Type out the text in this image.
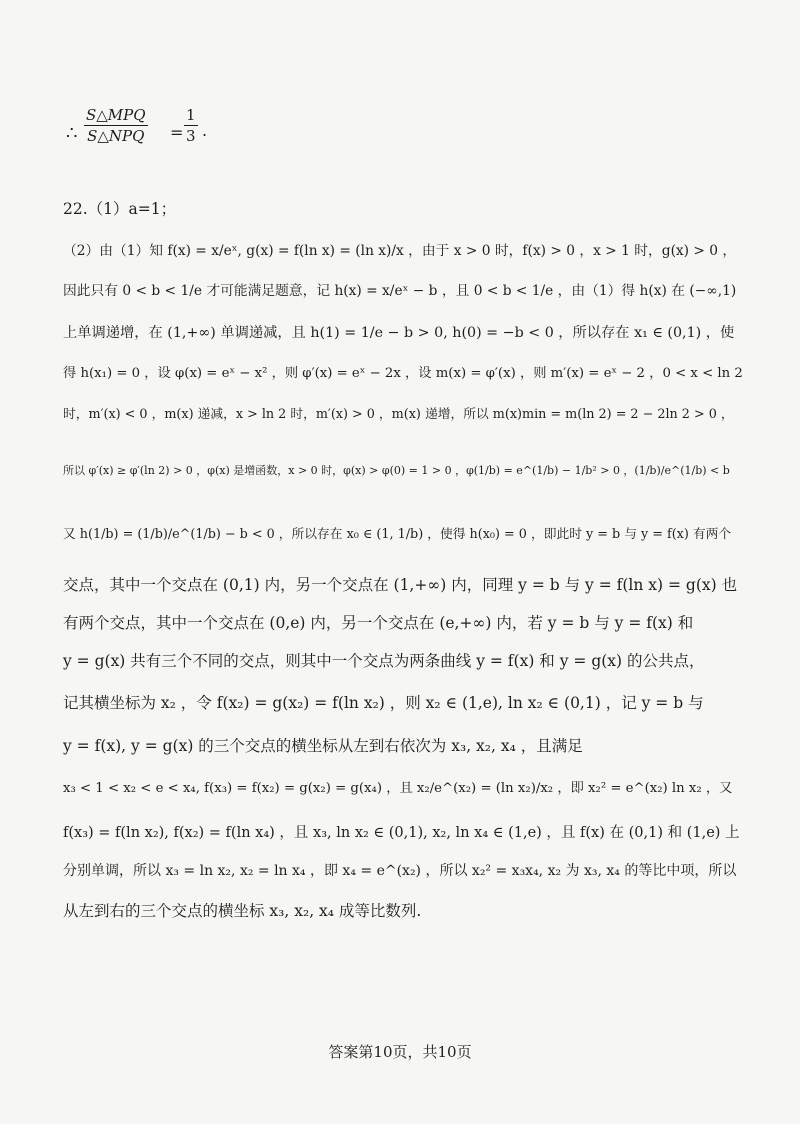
∴
S△MPQ
S△NPQ = $\frac{1}{3}$ .
22.（1）a=1；
（2）由（1）知 f(x) = x/eˣ, g(x) = f(ln x) = (ln x)/x ，由于 x > 0 时，f(x) > 0 ，x > 1 时，g(x) > 0 ，
因此只有 0 < b < 1/e 才可能满足题意，记 h(x) = x/eˣ − b ，且 0 < b < 1/e ，由（1）得 h(x) 在 (−∞,1)
上单调递增，在 (1,+∞) 单调递减，且 h(1) = 1/e − b > 0, h(0) = −b < 0 ，所以存在 x₁ ∈ (0,1) ，使
得 h(x₁) = 0 ，设 φ(x) = eˣ − x² ，则 φ′(x) = eˣ − 2x ，设 m(x) = φ′(x) ，则 m′(x) = eˣ − 2 ，0 < x < ln 2
时，m′(x) < 0 ，m(x) 递减，x > ln 2 时，m′(x) > 0 ，m(x) 递增，所以 m(x)min = m(ln 2) = 2 − 2ln 2 > 0 ，
所以 φ′(x) ≥ φ′(ln 2) > 0 ，φ(x) 是增函数，x > 0 时，φ(x) > φ(0) = 1 > 0 ，φ(1/b) = e^(1/b) − 1/b² > 0 ，(1/b)/e^(1/b) < b
又 h(1/b) = (1/b)/e^(1/b) − b < 0 ，所以存在 x₀ ∈ (1, 1/b) ，使得 h(x₀) = 0 ，即此时 y = b 与 y = f(x) 有两个
交点，其中一个交点在 (0,1) 内，另一个交点在 (1,+∞) 内，同理 y = b 与 y = f(ln x) = g(x) 也
有两个交点，其中一个交点在 (0,e) 内，另一个交点在 (e,+∞) 内，若 y = b 与 y = f(x) 和
y = g(x) 共有三个不同的交点，则其中一个交点为两条曲线 y = f(x) 和 y = g(x) 的公共点，
记其横坐标为 x₂ ，令 f(x₂) = g(x₂) = f(ln x₂) ，则 x₂ ∈ (1,e), ln x₂ ∈ (0,1) ，记 y = b 与
y = f(x), y = g(x) 的三个交点的横坐标从左到右依次为 x₃, x₂, x₄ ，且满足
x₃ < 1 < x₂ < e < x₄, f(x₃) = f(x₂) = g(x₂) = g(x₄) ，且 x₂/e^(x₂) = (ln x₂)/x₂ ，即 x₂² = e^(x₂) ln x₂ ，又
f(x₃) = f(ln x₂), f(x₂) = f(ln x₄) ，且 x₃, ln x₂ ∈ (0,1), x₂, ln x₄ ∈ (1,e) ，且 f(x) 在 (0,1) 和 (1,e) 上
分别单调，所以 x₃ = ln x₂, x₂ = ln x₄ ，即 x₄ = e^(x₂) ，所以 x₂² = x₃x₄, x₂ 为 x₃, x₄ 的等比中项，所以
从左到右的三个交点的横坐标 x₃, x₂, x₄ 成等比数列.
答案第10页，共10页
